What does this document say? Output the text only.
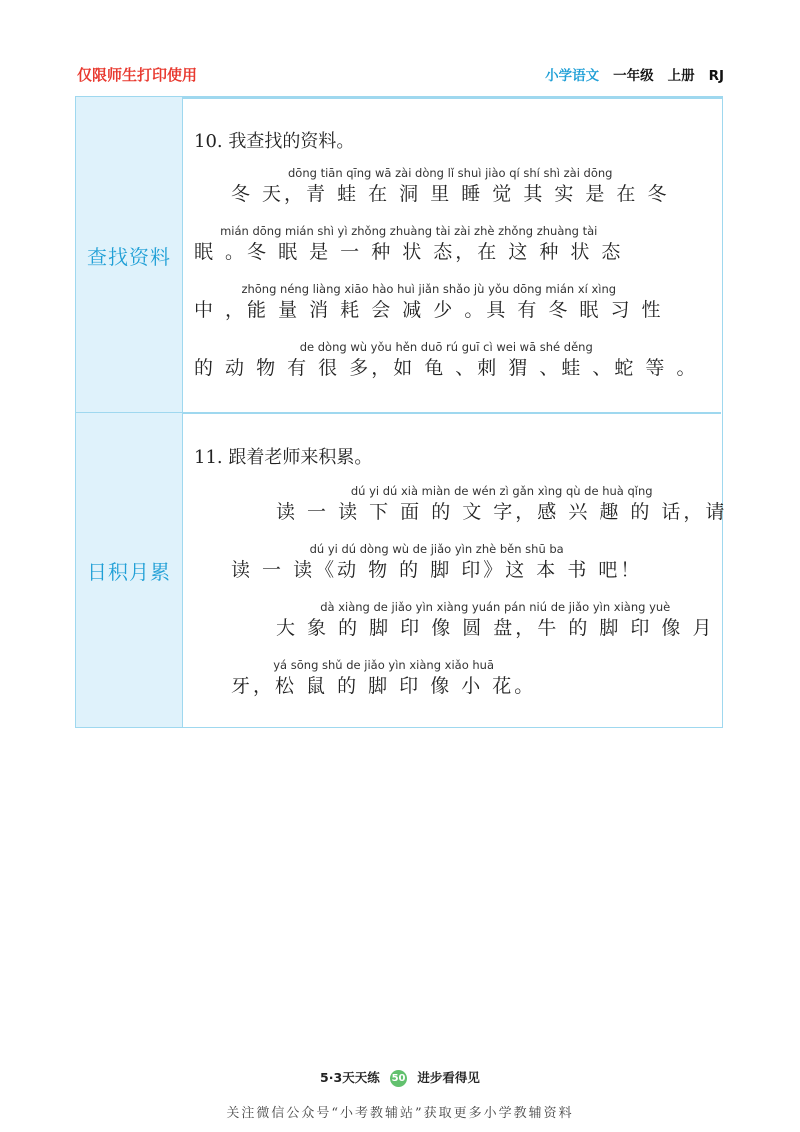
仅限师生打印使用	小学语文 一年级 上册 RJ
查找资料
日积月累

10. 我查找的资料。

dōng tiān qīng wā zài dòng lǐ shuì jiào qí shí shì zài dōng
冬 天，青 蛙 在 洞 里 睡 觉 其 实 是 在 冬
mián dōng mián shì yì zhǒng zhuàng tài zài zhè zhǒng zhuàng tài
眠 。冬 眠 是 一 种 状 态，在 这 种 状 态
zhōng néng liàng xiāo hào huì jiǎn shǎo jù yǒu dōng mián xí xìng
中 ，能 量 消 耗 会 减 少 。具 有 冬 眠 习 性
de dòng wù yǒu hěn duō rú guī cì wei wā shé děng
的 动 物 有 很 多，如 龟 、刺 猬 、蛙 、蛇 等 。

11. 跟着老师来积累。

dú yi dú xià miàn de wén zì gǎn xìng qù de huà qǐng
读 一 读 下 面 的 文 字，感 兴 趣 的 话，请
dú yi dú dòng wù de jiǎo yìn zhè běn shū ba
读 一 读《动 物 的 脚 印》这 本 书 吧！
dà xiàng de jiǎo yìn xiàng yuán pán niú de jiǎo yìn xiàng yuè
大 象 的 脚 印 像 圆 盘，牛 的 脚 印 像 月
yá sōng shǔ de jiǎo yìn xiàng xiǎo huā
牙，松 鼠 的 脚 印 像 小 花。
5·3天天练 50 进步看得见
关注微信公众号“小考教辅站”获取更多小学教辅资料
